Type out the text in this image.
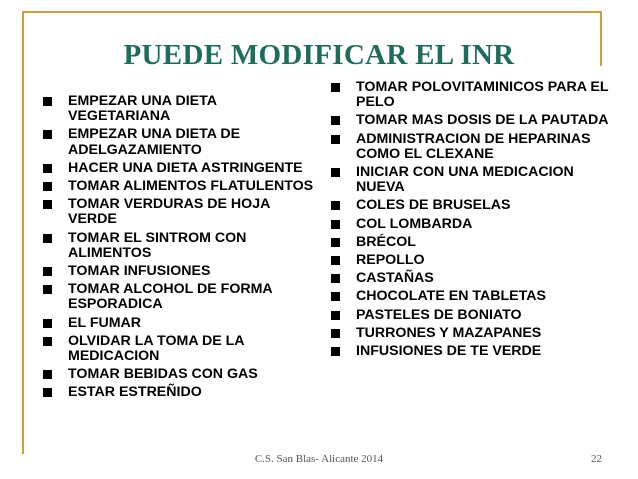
PUEDE MODIFICAR EL INR
EMPEZAR UNA DIETA VEGETARIANA
EMPEZAR UNA DIETA DE ADELGAZAMIENTO
HACER UNA DIETA ASTRINGENTE
TOMAR ALIMENTOS FLATULENTOS
TOMAR VERDURAS DE HOJA VERDE
TOMAR EL SINTROM CON ALIMENTOS
TOMAR INFUSIONES
TOMAR ALCOHOL DE FORMA ESPORADICA
EL FUMAR
OLVIDAR LA TOMA DE LA MEDICACION
TOMAR BEBIDAS CON GAS
ESTAR ESTREÑIDO
TOMAR POLOVITAMINICOS PARA EL PELO
TOMAR MAS DOSIS DE LA PAUTADA
ADMINISTRACION DE HEPARINAS COMO EL CLEXANE
INICIAR CON UNA MEDICACION NUEVA
COLES DE BRUSELAS
COL LOMBARDA
BRÉCOL
REPOLLO
CASTAÑAS
CHOCOLATE EN TABLETAS
PASTELES DE BONIATO
TURRONES Y MAZAPANES
INFUSIONES DE TE VERDE
C.S. San Blas- Alicante 2014	22
